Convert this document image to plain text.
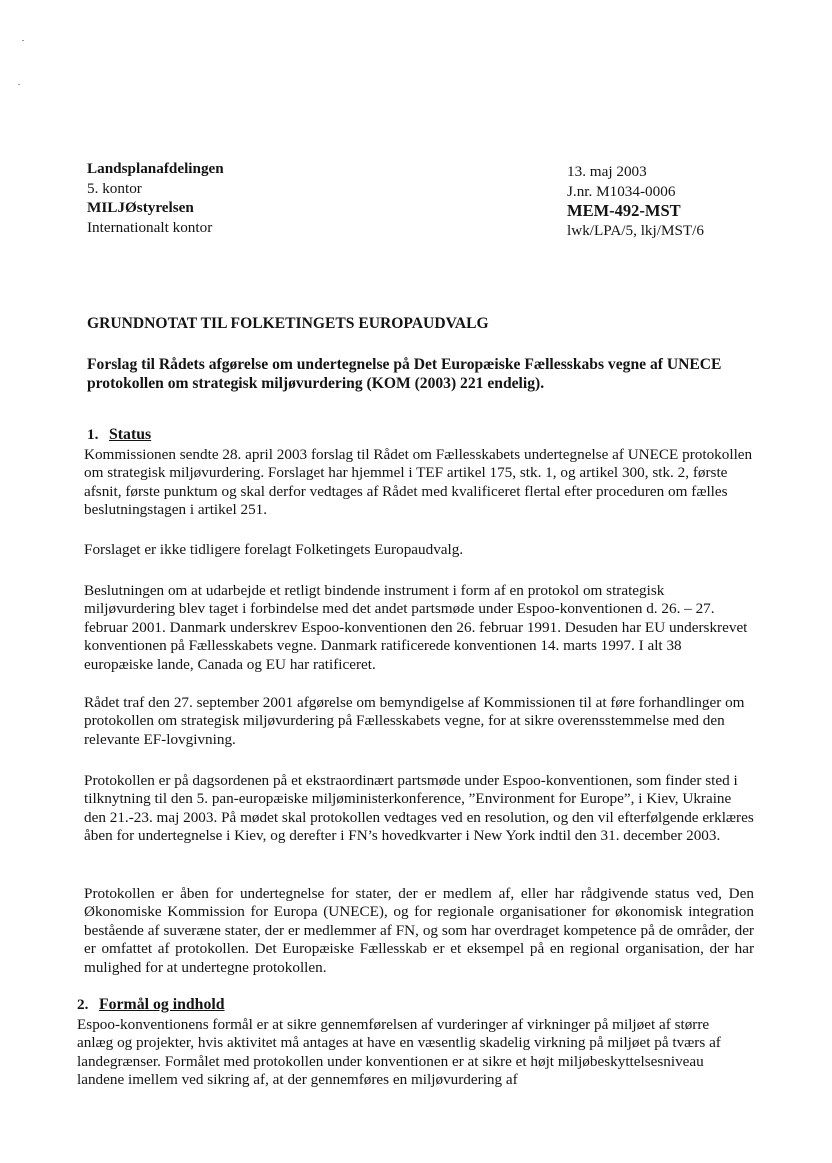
Landsplanafdelingen
5. kontor
MILJØstyrelsen
Internationalt kontor
13. maj 2003
J.nr. M1034-0006
MEM-492-MST
lwk/LPA/5, lkj/MST/6
GRUNDNOTAT TIL FOLKETINGETS EUROPAUDVALG
Forslag til Rådets afgørelse om undertegnelse på Det Europæiske Fællesskabs vegne af UNECE protokollen om strategisk miljøvurdering (KOM (2003) 221 endelig).
1. Status
Kommissionen sendte 28. april 2003 forslag til Rådet om Fællesskabets undertegnelse af UNECE protokollen om strategisk miljøvurdering. Forslaget har hjemmel i TEF artikel 175, stk. 1, og artikel 300, stk. 2, første afsnit, første punktum og skal derfor vedtages af Rådet med kvalificeret flertal efter proceduren om fælles beslutningstagen i artikel 251.
Forslaget er ikke tidligere forelagt Folketingets Europaudvalg.
Beslutningen om at udarbejde et retligt bindende instrument i form af en protokol om strategisk miljøvurdering blev taget i forbindelse med det andet partsmøde under Espoo-konventionen d. 26. – 27. februar 2001. Danmark underskrev Espoo-konventionen den 26. februar 1991. Desuden har EU underskrevet konventionen på Fællesskabets vegne. Danmark ratificerede konventionen 14. marts 1997. I alt 38 europæiske lande, Canada og EU har ratificeret.
Rådet traf den 27. september 2001 afgørelse om bemyndigelse af Kommissionen til at føre forhandlinger om protokollen om strategisk miljøvurdering på Fællesskabets vegne, for at sikre overensstemmelse med den relevante EF-lovgivning.
Protokollen er på dagsordenen på et ekstraordinært partsmøde under Espoo-konventionen, som finder sted i tilknytning til den 5. pan-europæiske miljøministerkonference, ”Environment for Europe”, i Kiev, Ukraine den 21.-23. maj 2003. På mødet skal protokollen vedtages ved en resolution, og den vil efterfølgende erklæres åben for undertegnelse i Kiev, og derefter i FN’s hovedkvarter i New York indtil den 31. december 2003.
Protokollen er åben for undertegnelse for stater, der er medlem af, eller har rådgivende status ved, Den Økonomiske Kommission for Europa (UNECE), og for regionale organisationer for økonomisk integration bestående af suveræne stater, der er medlemmer af FN, og som har overdraget kompetence på de områder, der er omfattet af protokollen. Det Europæiske Fællesskab er et eksempel på en regional organisation, der har mulighed for at undertegne protokollen.
2. Formål og indhold
Espoo-konventionens formål er at sikre gennemførelsen af vurderinger af virkninger på miljøet af større anlæg og projekter, hvis aktivitet må antages at have en væsentlig skadelig virkning på miljøet på tværs af landegrænser. Formålet med protokollen under konventionen er at sikre et højt miljøbeskyttelsesniveau landene imellem ved sikring af, at der gennemføres en miljøvurdering af
